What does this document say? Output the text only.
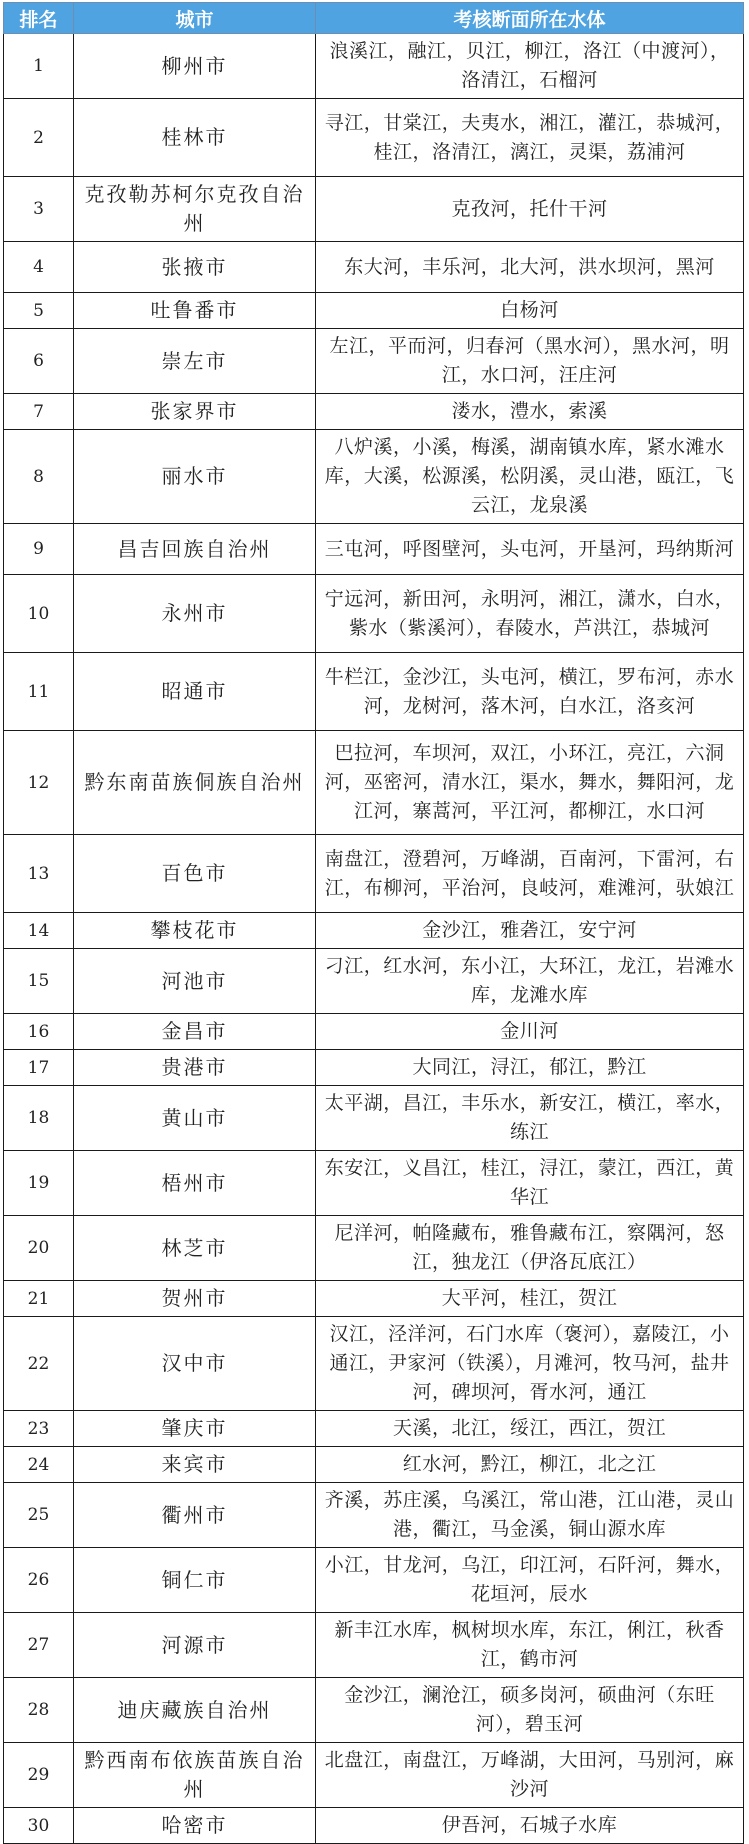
排名	城市	考核断面所在水体
1	柳州市	浪溪江，融江，贝江，柳江，洛江（中渡河），洛清江，石榴河
2	桂林市	寻江，甘棠江，夫夷水，湘江，灌江，恭城河，桂江，洛清江，漓江，灵渠，荔浦河
3	克孜勒苏柯尔克孜自治州	克孜河，托什干河
4	张掖市	东大河，丰乐河，北大河，洪水坝河，黑河
5	吐鲁番市	白杨河
6	崇左市	左江，平而河，归春河（黑水河），黑水河，明江，水口河，汪庄河
7	张家界市	溇水，澧水，索溪
8	丽水市	八炉溪，小溪，梅溪，湖南镇水库，紧水滩水库，大溪，松源溪，松阴溪，灵山港，瓯江，飞云江，龙泉溪
9	昌吉回族自治州	三屯河，呼图壁河，头屯河，开垦河，玛纳斯河
10	永州市	宁远河，新田河，永明河，湘江，潇水，白水，紫水（紫溪河），春陵水，芦洪江，恭城河
11	昭通市	牛栏江，金沙江，头屯河，横江，罗布河，赤水河，龙树河，落木河，白水江，洛亥河
12	黔东南苗族侗族自治州	巴拉河，车坝河，双江，小环江，亮江，六洞河，巫密河，清水江，渠水，舞水，舞阳河，龙江河，寨蒿河，平江河，都柳江，水口河
13	百色市	南盘江，澄碧河，万峰湖，百南河，下雷河，右江，布柳河，平治河，良岐河，难滩河，驮娘江
14	攀枝花市	金沙江，雅砻江，安宁河
15	河池市	刁江，红水河，东小江，大环江，龙江，岩滩水库，龙滩水库
16	金昌市	金川河
17	贵港市	大同江，浔江，郁江，黔江
18	黄山市	太平湖，昌江，丰乐水，新安江，横江，率水，练江
19	梧州市	东安江，义昌江，桂江，浔江，蒙江，西江，黄华江
20	林芝市	尼洋河，帕隆藏布，雅鲁藏布江，察隅河，怒江，独龙江（伊洛瓦底江）
21	贺州市	大平河，桂江，贺江
22	汉中市	汉江，泾洋河，石门水库（褒河），嘉陵江，小通江，尹家河（铁溪），月滩河，牧马河，盐井河，碑坝河，胥水河，通江
23	肇庆市	天溪，北江，绥江，西江，贺江
24	来宾市	红水河，黔江，柳江，北之江
25	衢州市	齐溪，苏庄溪，乌溪江，常山港，江山港，灵山港，衢江，马金溪，铜山源水库
26	铜仁市	小江，甘龙河，乌江，印江河，石阡河，舞水，花垣河，辰水
27	河源市	新丰江水库，枫树坝水库，东江，俐江，秋香江，鹤市河
28	迪庆藏族自治州	金沙江，澜沧江，硕多岗河，硕曲河（东旺河），碧玉河
29	黔西南布依族苗族自治州	北盘江，南盘江，万峰湖，大田河，马别河，麻沙河
30	哈密市	伊吾河，石城子水库
